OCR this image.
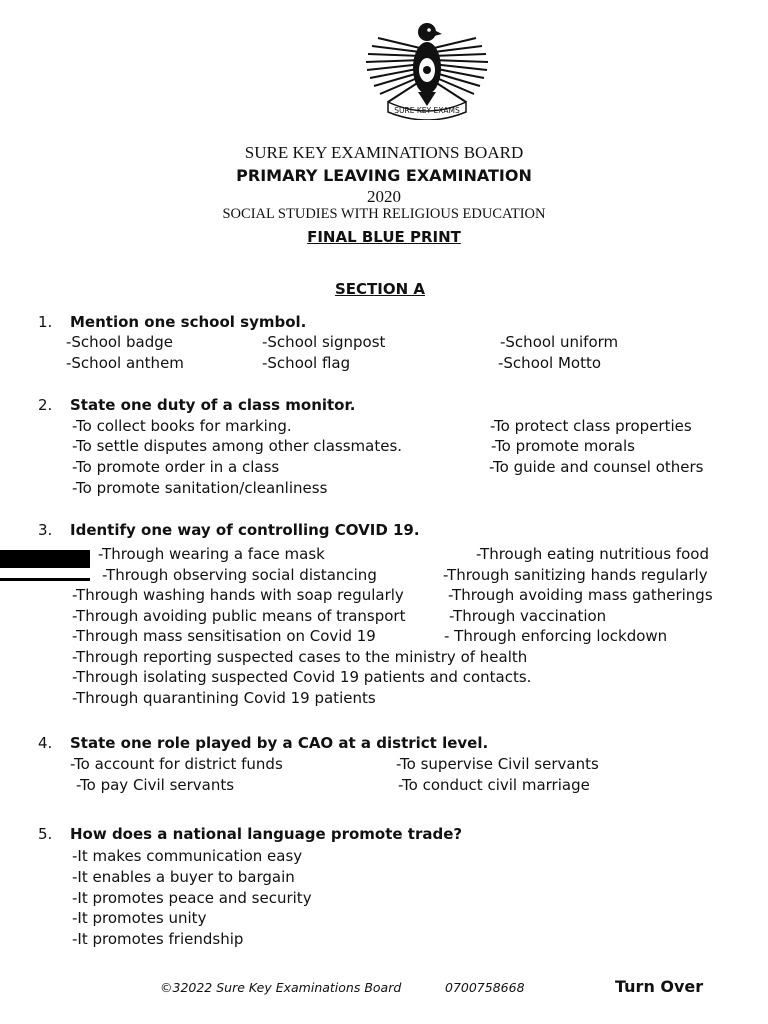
SURE KEY EXAMS
SURE KEY EXAMINATIONS BOARD
PRIMARY LEAVING EXAMINATION
2020
SOCIAL STUDIES WITH RELIGIOUS EDUCATION
FINAL BLUE PRINT
SECTION A
1. Mention one school symbol.
-School badge	-School signpost	-School uniform
-School anthem	-School flag	-School Motto
2. State one duty of a class monitor.
-To collect books for marking.	-To protect class properties
-To settle disputes among other classmates.	-To promote morals
-To promote order in a class	-To guide and counsel others
-To promote sanitation/cleanliness
3. Identify one way of controlling COVID 19.
-Through wearing a face mask	-Through eating nutritious food
-Through observing social distancing	-Through sanitizing hands regularly
-Through washing hands with soap regularly	-Through avoiding mass gatherings
-Through avoiding public means of transport	-Through vaccination
-Through mass sensitisation on Covid 19	- Through enforcing lockdown
-Through reporting suspected cases to the ministry of health
-Through isolating suspected Covid 19 patients and contacts.
-Through quarantining Covid 19 patients
4. State one role played by a CAO at a district level.
-To account for district funds	-To supervise Civil servants
-To pay Civil servants	-To conduct civil marriage
5. How does a national language promote trade?
-It makes communication easy
-It enables a buyer to bargain
-It promotes peace and security
-It promotes unity
-It promotes friendship
©32022 Sure Key Examinations Board	0700758668	Turn Over
